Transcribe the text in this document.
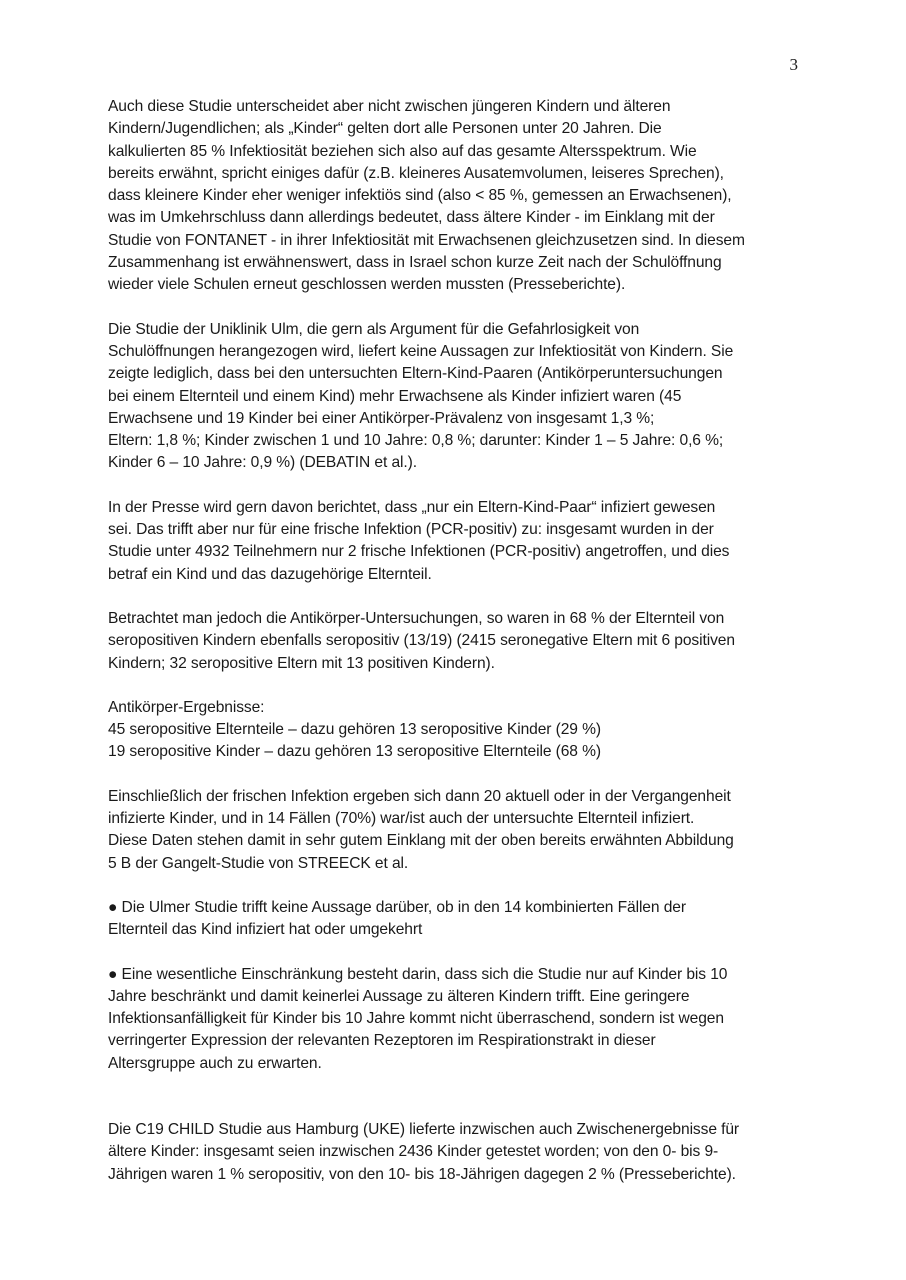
3
Auch diese Studie unterscheidet aber nicht zwischen jüngeren Kindern und älteren
Kindern/Jugendlichen; als „Kinder“ gelten dort alle Personen unter 20 Jahren. Die
kalkulierten 85 % Infektiosität beziehen sich also auf das gesamte Altersspektrum. Wie
bereits erwähnt, spricht einiges dafür (z.B. kleineres Ausatemvolumen, leiseres Sprechen),
dass kleinere Kinder eher weniger infektiös sind (also < 85 %, gemessen an Erwachsenen),
was im Umkehrschluss dann allerdings bedeutet, dass ältere Kinder - im Einklang mit der
Studie von FONTANET - in ihrer Infektiosität mit Erwachsenen gleichzusetzen sind. In diesem
Zusammenhang ist erwähnenswert, dass in Israel schon kurze Zeit nach der Schulöffnung
wieder viele Schulen erneut geschlossen werden mussten (Presseberichte).
Die Studie der Uniklinik Ulm, die gern als Argument für die Gefahrlosigkeit von
Schulöffnungen herangezogen wird, liefert keine Aussagen zur Infektiosität von Kindern. Sie
zeigte lediglich, dass bei den untersuchten Eltern-Kind-Paaren (Antikörperuntersuchungen
bei einem Elternteil und einem Kind) mehr Erwachsene als Kinder infiziert waren (45
Erwachsene und 19 Kinder bei einer Antikörper-Prävalenz von insgesamt 1,3 %;
Eltern: 1,8 %; Kinder zwischen 1 und 10 Jahre: 0,8 %; darunter: Kinder 1 – 5 Jahre: 0,6 %;
Kinder 6 – 10 Jahre: 0,9 %) (DEBATIN et al.).
In der Presse wird gern davon berichtet, dass „nur ein Eltern-Kind-Paar“ infiziert gewesen
sei. Das trifft aber nur für eine frische Infektion (PCR-positiv) zu: insgesamt wurden in der
Studie unter 4932 Teilnehmern nur 2 frische Infektionen (PCR-positiv) angetroffen, und dies
betraf ein Kind und das dazugehörige Elternteil.
Betrachtet man jedoch die Antikörper-Untersuchungen, so waren in 68 % der Elternteil von
seropositiven Kindern ebenfalls seropositiv (13/19) (2415 seronegative Eltern mit 6 positiven
Kindern; 32 seropositive Eltern mit 13 positiven Kindern).
Antikörper-Ergebnisse:
45 seropositive Elternteile – dazu gehören 13 seropositive Kinder (29 %)
19 seropositive Kinder – dazu gehören 13 seropositive Elternteile (68 %)
Einschließlich der frischen Infektion ergeben sich dann 20 aktuell oder in der Vergangenheit
infizierte Kinder, und in 14 Fällen (70%) war/ist auch der untersuchte Elternteil infiziert.
Diese Daten stehen damit in sehr gutem Einklang mit der oben bereits erwähnten Abbildung
5 B der Gangelt-Studie von STREECK et al.
● Die Ulmer Studie trifft keine Aussage darüber, ob in den 14 kombinierten Fällen der
Elternteil das Kind infiziert hat oder umgekehrt
● Eine wesentliche Einschränkung besteht darin, dass sich die Studie nur auf Kinder bis 10
Jahre beschränkt und damit keinerlei Aussage zu älteren Kindern trifft. Eine geringere
Infektionsanfälligkeit für Kinder bis 10 Jahre kommt nicht überraschend, sondern ist wegen
verringerter Expression der relevanten Rezeptoren im Respirationstrakt in dieser
Altersgruppe auch zu erwarten.
Die C19 CHILD Studie aus Hamburg (UKE) lieferte inzwischen auch Zwischenergebnisse für
ältere Kinder: insgesamt seien inzwischen 2436 Kinder getestet worden; von den 0- bis 9-
Jährigen waren 1 % seropositiv, von den 10- bis 18-Jährigen dagegen 2 % (Presseberichte).
